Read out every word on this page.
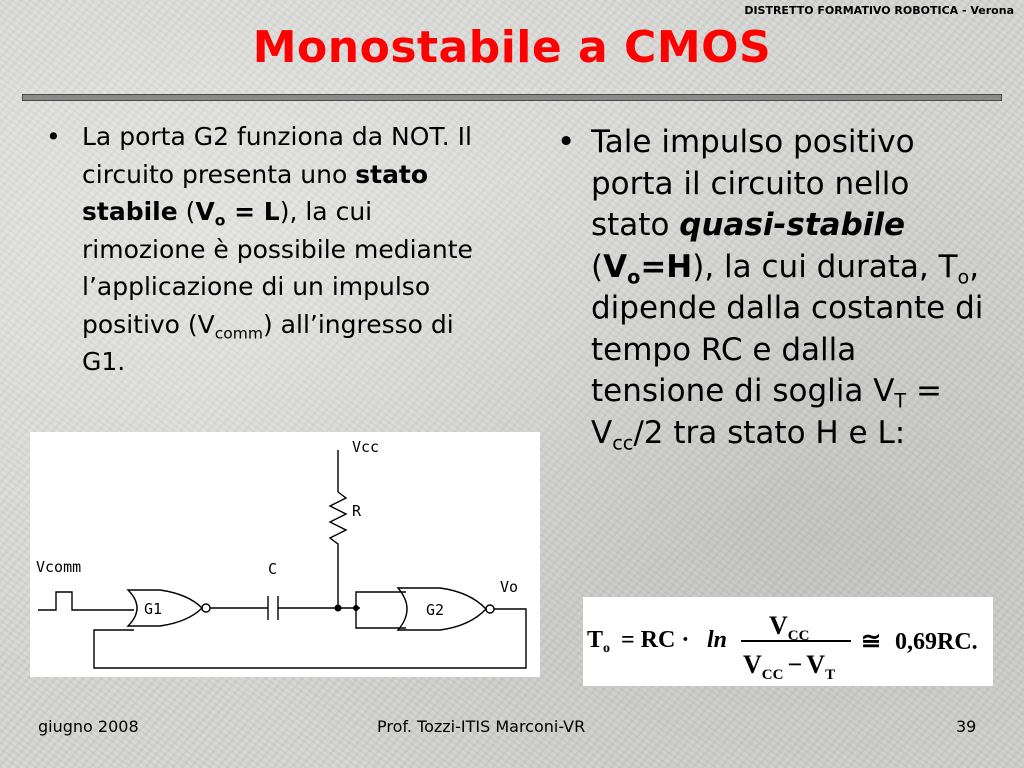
DISTRETTO FORMATIVO ROBOTICA - Verona
Monostabile a CMOS
• La porta G2 funziona da NOT. Il circuito presenta uno stato stabile $(V_o = L)$, la cui rimozione è possibile mediante l’applicazione di un impulso positivo $(V_{comm})$ all’ingresso di G1.
• Tale impulso positivo porta il circuito nello stato quasi-stabile $(V_o=H)$, la cui durata, $T_o$, dipende dalla costante di tempo RC e dalla tensione di soglia $V_T = V_{cc}/2$ tra stato H e L:
Vcc
R
C
Vcomm
Vo
G1	G2
$T_o$ = RC · $\ln V_{CC}$
$V_{CC} - V_T$
≅ 0,69RC.
giugno 2008	Prof. Tozzi-ITIS Marconi-VR	39
